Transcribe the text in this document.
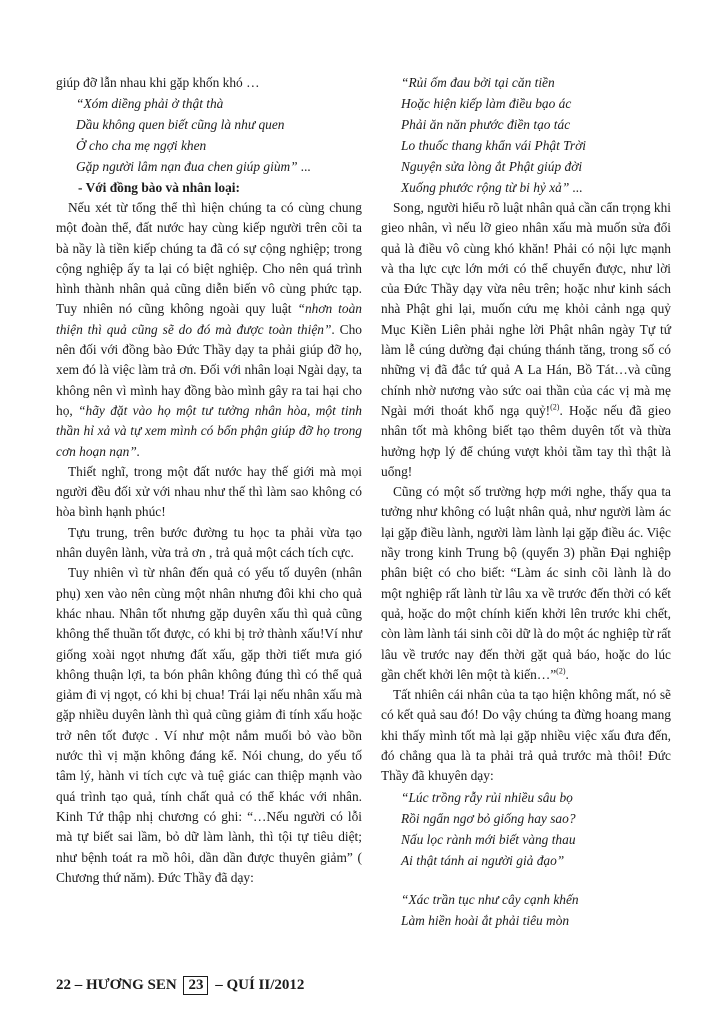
giúp đỡ lẫn nhau khi gặp khốn khó …

“Xóm diềng phải ở thật thà
Dầu không quen biết cũng là như quen
Ở cho cha mẹ ngợi khen
Gặp người lâm nạn đua chen giúp giùm” ...

- Với đồng bào và nhân loại:

Nếu xét từ tổng thể thì hiện chúng ta có cùng chung một đoàn thể, đất nước hay cùng kiếp người trên cõi ta bà nầy là tiền kiếp chúng ta đã có sự cộng nghiệp; trong cộng nghiệp ấy ta lại có biệt nghiệp. Cho nên quá trình hình thành nhân quả cũng diễn biến vô cùng phức tạp. Tuy nhiên nó cũng không ngoài quy luật “nhơn toàn thiện thì quả cũng sẽ do đó mà được toàn thiện”. Cho nên đối với đồng bào Đức Thầy dạy ta phải giúp đỡ họ, xem đó là việc làm trả ơn. Đối với nhân loại Ngài dạy, ta không nên vì mình hay đồng bào mình gây ra tai hại cho họ, “hãy đặt vào họ một tư tưởng nhân hòa, một tinh thần hỉ xả và tự xem mình có bổn phận giúp đỡ họ trong cơn hoạn nạn”.

Thiết nghĩ, trong một đất nước hay thế giới mà mọi người đều đối xử với nhau như thế thì làm sao không có hòa bình hạnh phúc!

Tựu trung, trên bước đường tu học ta phải vừa tạo nhân duyên lành, vừa trả ơn , trả quả một cách tích cực.

Tuy nhiên vì từ nhân đến quả có yếu tố duyên (nhân phụ) xen vào nên cùng một nhân nhưng đôi khi cho quả khác nhau. Nhân tốt nhưng gặp duyên xấu thì quả cũng không thể thuần tốt được, có khi bị trở thành xấu!Ví như giống xoài ngọt nhưng đất xấu, gặp thời tiết mưa gió không thuận lợi, ta bón phân không đúng thì có thể quả giảm đi vị ngọt, có khi bị chua! Trái lại nếu nhân xấu mà gặp nhiều duyên lành thì quả cũng giảm đi tính xấu hoặc trở nên tốt được . Ví như một nắm muối bỏ vào bồn nước thì vị mặn không đáng kể. Nói chung, do yếu tố tâm lý, hành vi tích cực và tuệ giác can thiệp mạnh vào quá trình tạo quả, tính chất quả có thể khác với nhân. Kinh Tứ thập nhị chương có ghi: “…Nếu người có lỗi mà tự biết sai lầm, bỏ dữ làm lành, thì tội tự tiêu diệt; như bệnh toát ra mồ hôi, dần dần được thuyên giảm” ( Chương thứ năm). Đức Thầy đã dạy:

“Rủi ốm đau bởi tại căn tiền
Hoặc hiện kiếp làm điều bạo ác
Phải ăn năn phước điền tạo tác
Lo thuốc thang khẩn vái Phật Trời
Nguyện sửa lòng ắt Phật giúp đời
Xuống phước rộng từ bi hỷ xả” ...

Song, người hiểu rõ luật nhân quả cần cẩn trọng khi gieo nhân, vì nếu lỡ gieo nhân xấu mà muốn sửa đổi quả là điều vô cùng khó khăn! Phải có nội lực mạnh và tha lực cực lớn mới có thể chuyển được, như lời của Đức Thầy dạy vừa nêu trên; hoặc như kinh sách nhà Phật ghi lại, muốn cứu mẹ khỏi cảnh ngạ quỷ Mục Kiền Liên phải nghe lời Phật nhân ngày Tự tứ làm lễ cúng dường đại chúng thánh tăng, trong số có những vị đã đắc tứ quả A La Hán, Bồ Tát…và cũng chính nhờ nương vào sức oai thần của các vị mà mẹ Ngài mới thoát khổ ngạ quỷ!$^{(2)}$. Hoặc nếu đã gieo nhân tốt mà không biết tạo thêm duyên tốt và thừa hưởng hợp lý để chúng vượt khỏi tầm tay thì thật là uổng!

Cũng có một số trường hợp mới nghe, thấy qua ta tưởng như không có luật nhân quả, như người làm ác lại gặp điều lành, người làm lành lại gặp điều ác. Việc nầy trong kinh Trung bộ (quyển 3) phần Đại nghiệp phân biệt có cho biết: “Làm ác sinh cõi lành là do một nghiệp rất lành từ lâu xa về trước đến thời có kết quả, hoặc do một chính kiến khởi lên trước khi chết, còn làm lành tái sinh cõi dữ là do một ác nghiệp từ rất lâu về trước nay đến thời gặt quả báo, hoặc do lúc gần chết khởi lên một tà kiến…”$^{(2)}$.

Tất nhiên cái nhân của ta tạo hiện không mất, nó sẽ có kết quả sau đó! Do vậy chúng ta đừng hoang mang khi thấy mình tốt mà lại gặp nhiều việc xấu đưa đến, đó chẳng qua là ta phải trả quả trước mà thôi! Đức Thầy đã khuyên dạy:

“Lúc trồng rẫy rủi nhiều sâu bọ
Rồi ngẩn ngơ bỏ giống hay sao?
Nấu lọc rành mới biết vàng thau
Ai thật tánh ai người giả đạo”
“Xác trần tục như cây cạnh khến
Làm hiền hoài ắt phải tiêu mòn
22 – HƯƠNG SEN 23 – QUÍ II/2012
